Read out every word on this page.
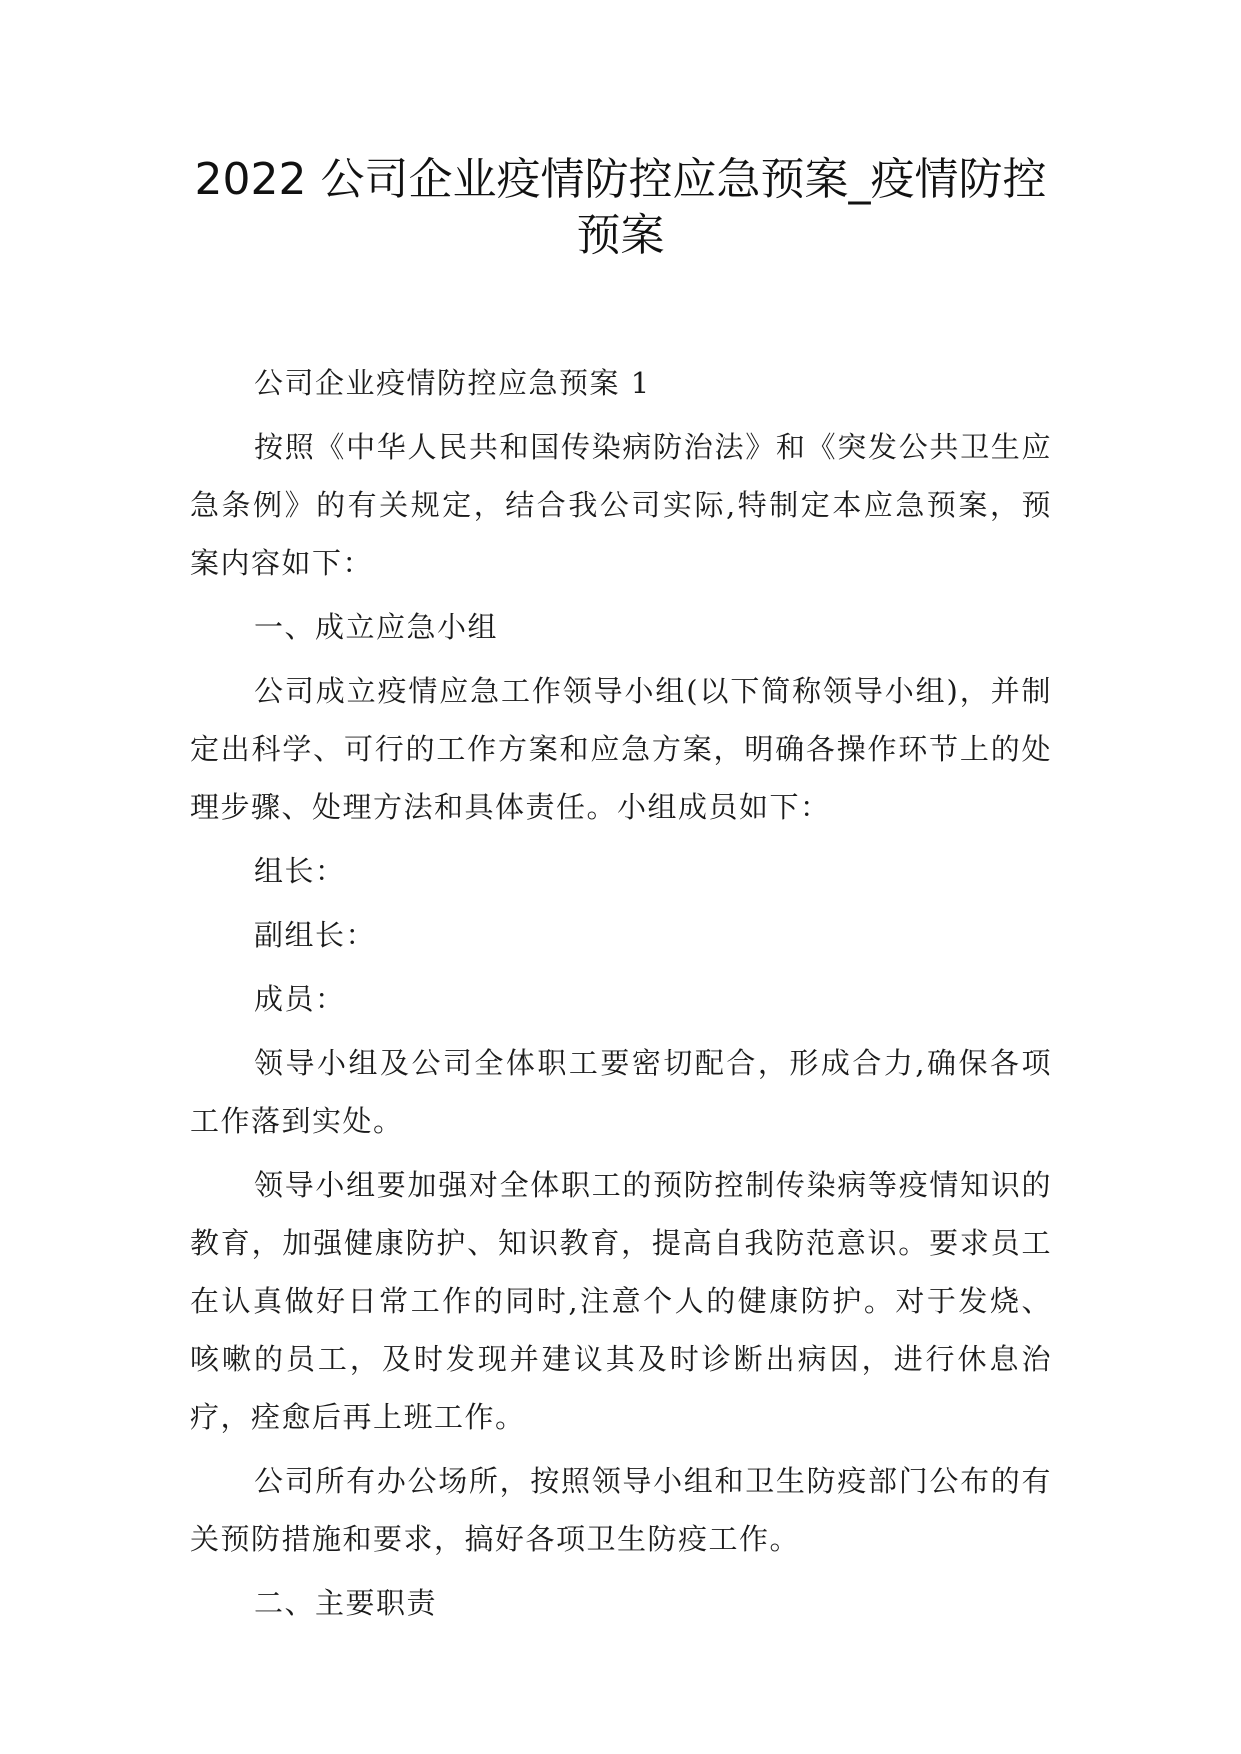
2022 公司企业疫情防控应急预案_疫情防控
预案

公司企业疫情防控应急预案 1

按照《中华人民共和国传染病防治法》和《突发公共卫生应急条例》的有关规定，结合我公司实际,特制定本应急预案，预案内容如下：

一、成立应急小组

公司成立疫情应急工作领导小组(以下简称领导小组)，并制定出科学、可行的工作方案和应急方案，明确各操作环节上的处理步骤、处理方法和具体责任。小组成员如下：

组长：

副组长：

成员：

领导小组及公司全体职工要密切配合，形成合力,确保各项工作落到实处。

领导小组要加强对全体职工的预防控制传染病等疫情知识的教育，加强健康防护、知识教育，提高自我防范意识。要求员工在认真做好日常工作的同时,注意个人的健康防护。对于发烧、咳嗽的员工，及时发现并建议其及时诊断出病因，进行休息治疗，痊愈后再上班工作。

公司所有办公场所，按照领导小组和卫生防疫部门公布的有关预防措施和要求，搞好各项卫生防疫工作。

二、主要职责
